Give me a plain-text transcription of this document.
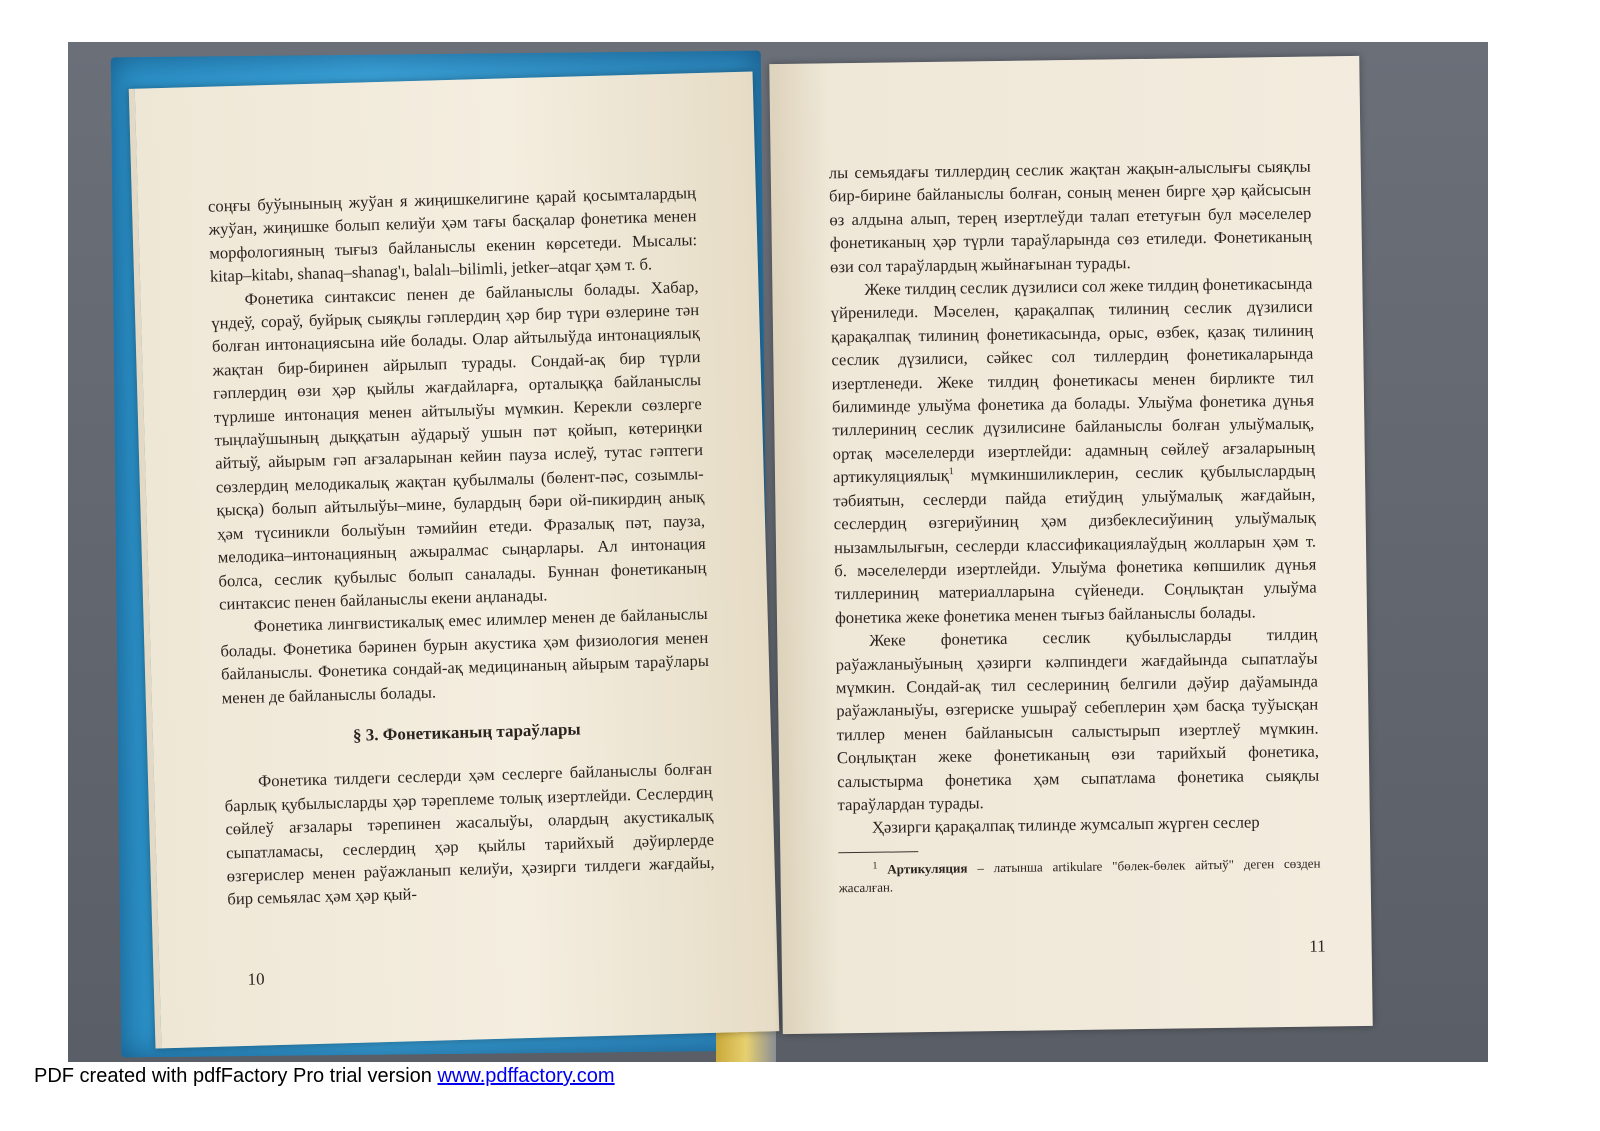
соңғы буўынының жуўан я жиңишкелигине қарай қосымталардың жуўан, жиңишке болып келиўи ҳәм тағы басқалар фонетика менен морфологияның тығыз байланыслы екенин көрсетеди. Мысалы: kitap–kitabı, shanaq–shanag'ı, balalı–bilimli, jetker–atqar ҳәм т. б.

Фонетика синтаксис пенен де байланыслы болады. Хабар, үндеў, сораў, буйрық сыяқлы гәплердиң ҳәр бир түри өзлерине тән болған интонациясына ийе болады. Олар айтылыўда интонациялық жақтан бир-биринен айрылып турады. Сондай-ақ бир түрли гәплердиң өзи ҳәр қыйлы жағдайларға, орталыққа байланыслы түрлише интонация менен айтылыўы мүмкин. Керекли сөзлерге тыңлаўшының дыққатын аўдарыў ушын пәт қойып, көтериңки айтыў, айырым гәп ағзаларынан кейин пауза ислеў, тутас гәптеги сөзлердиң мелодикалық жақтан қубылмалы (бөлент-пәс, созымлы-қысқа) болып айтылыўы–мине, булардың бәри ой-пикирдиң анық ҳәм түсиникли болыўын тәмийин етеди. Фразалық пәт, пауза, мелодика–интонацияның ажыралмас сыңарлары. Ал интонация болса, сеслик қубылыс болып саналады. Буннан фонетиканың синтаксис пенен байланыслы екени аңланады.

Фонетика лингвистикалық емес илимлер менен де байланыслы болады. Фонетика бәринен бурын акустика ҳәм физиология менен байланыслы. Фонетика сондай-ақ медицинаның айырым тараўлары менен де байланыслы болады.

§ 3. Фонетиканың тараўлары

Фонетика тилдеги сеслерди ҳәм сеслерге байланыслы болған барлық қубылысларды ҳәр тәреплеме толық изертлейди. Сеслердиң сөйлеў ағзалары тәрепинен жасалыўы, олардың акустикалық сыпатламасы, сеслердиң ҳәр қыйлы тарийхый дәўирлерде өзгерислер менен раўажланып келиўи, ҳәзирги тилдеги жағдайы, бир семьялас ҳәм ҳәр қый-

10

лы семьядағы тиллердиң сеслик жақтан жақын-алыслығы сыяқлы бир-бирине байланыслы болған, соның менен бирге ҳәр қайсысын өз алдына алып, терең изертлеўди талап ететуғын бул мәселелер фонетиканың ҳәр түрли тараўларында сөз етиледи. Фонетиканың өзи сол тараўлардың жыйнағынан турады.

Жеке тилдиң сеслик дүзилиси сол жеке тилдиң фонетикасында үйрениледи. Мәселен, қарақалпақ тилиниң сеслик дүзилиси қарақалпақ тилиниң фонетикасында, орыс, өзбек, қазақ тилиниң сеслик дүзилиси, сәйкес сол тиллердиң фонетикаларында изертленеди. Жеке тилдиң фонетикасы менен бирликте тил билиминде улыўма фонетика да болады. Улыўма фонетика дүнья тиллериниң сеслик дүзилисине байланыслы болған улыўмалық, ортақ мәселелерди изертлейди: адамның сөйлеў ағзаларының артикуляциялық$^1$ мүмкиншиликлерин, сеслик қубылыслардың тәбиятын, сеслерди пайда етиўдиң улыўмалық жағдайын, сеслердиң өзгериўиниң ҳәм дизбеклесиўиниң улыўмалық нызамлылығын, сеслерди классификациялаўдың жолларын ҳәм т. б. мәселелерди изертлейди. Улыўма фонетика көпшилик дүнья тиллериниң материалларына сүйенеди. Соңлықтан улыўма фонетика жеке фонетика менен тығыз байланыслы болады.

Жеке фонетика сеслик қубылысларды тилдиң раўажланыўының ҳәзирги кәлпиндеги жағдайында сыпатлаўы мүмкин. Сондай-ақ тил сеслериниң белгили дәўир даўамында раўажланыўы, өзгериске ушыраў себеплерин ҳәм басқа туўысқан тиллер менен байланысын салыстырып изертлеў мүмкин. Соңлықтан жеке фонетиканың өзи тарийхый фонетика, салыстырма фонетика ҳәм сыпатлама фонетика сыяқлы тараўлардан турады.

Ҳәзирги қарақалпақ тилинде жумсалып жүрген сеслер

$^1$ Артикуляция – латынша artikulare "бөлек-бөлек айтыў" деген сөзден жасалған.

11
PDF created with pdfFactory Pro trial version www.pdffactory.com
